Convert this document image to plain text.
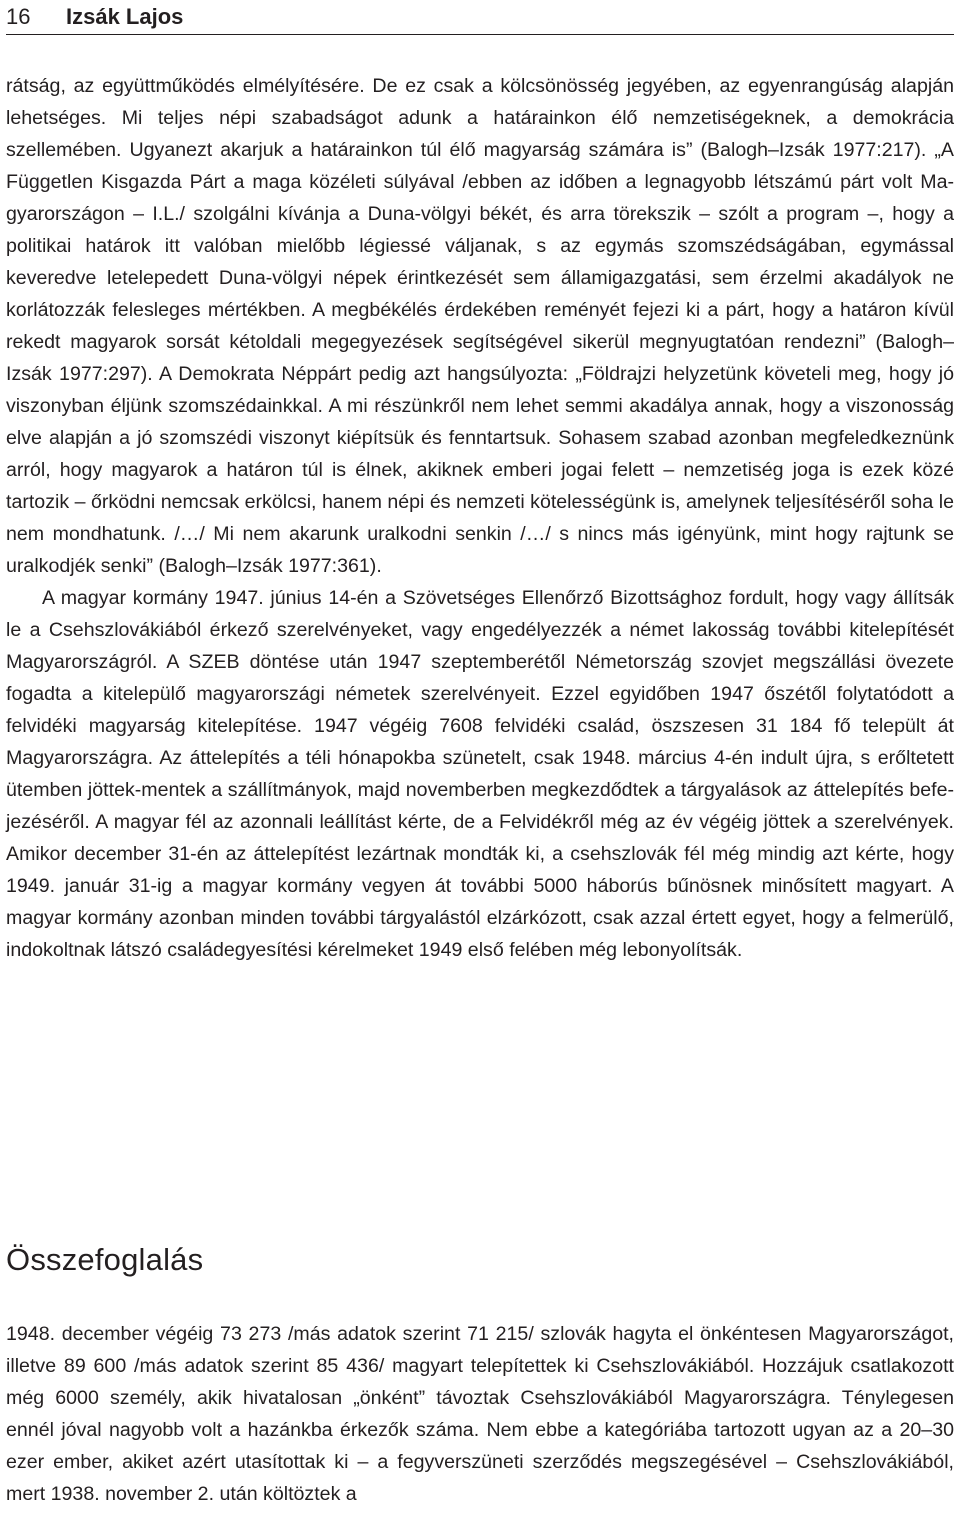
16	Izsák Lajos

rátság, az együttműködés elmélyítésére. De ez csak a kölcsönösség jegyében, az egyenrangúság alapján lehetséges. Mi teljes népi szabadságot adunk a határainkon élő nemzetiségeknek, a demokrácia szellemében. Ugyanezt akarjuk a határainkon túl élő magyarság számára is” (Balogh–Izsák 1977:217). „A Független Kisgazda Párt a maga közéleti súlyával /ebben az időben a legnagyobb létszámú párt volt Magyarországon – I.L./ szolgálni kívánja a Duna-völgyi békét, és arra törekszik – szólt a program –, hogy a politikai határok itt valóban mielőbb légiessé váljanak, s az egymás szomszédságában, egymással keveredve letelepedett Duna-völgyi népek érintkezését sem államigazgatási, sem érzelmi akadályok ne korlátozzák felesleges mértékben. A megbékélés érdekében reményét fejezi ki a párt, hogy a határon kívül rekedt magyarok sorsát kétoldali megegyezések segítségével sikerül megnyugtatóan rendezni” (Balogh–Izsák 1977:297). A Demokrata Néppárt pedig azt hangsúlyozta: „Földrajzi helyzetünk követeli meg, hogy jó viszonyban éljünk szomszédainkkal. A mi részünkről nem lehet semmi akadálya annak, hogy a viszonosság elve alapján a jó szomszédi viszonyt kiépítsük és fenntartsuk. Sohasem szabad azonban megfeledkeznünk arról, hogy magyarok a határon túl is élnek, akiknek emberi jogai felett – nemzetiség joga is ezek közé tartozik – őrködni nemcsak erkölcsi, hanem népi és nemzeti kötelességünk is, amelynek teljesítéséről soha le nem mondhatunk. /…/ Mi nem akarunk uralkodni senkin /…/ s nincs más igényünk, mint hogy rajtunk se uralkodjék senki” (Balogh–Izsák 1977:361).

A magyar kormány 1947. június 14-én a Szövetséges Ellenőrző Bizottsághoz fordult, hogy vagy állítsák le a Csehszlovákiából érkező szerelvényeket, vagy engedélyezzék a német lakosság további kitelepítését Magyarországról. A SZEB döntése után 1947 szeptemberétől Németország szovjet megszállási övezete fogadta a kitelepülő magyarországi németek szerelvényeit. Ezzel egyidőben 1947 őszétől folytatódott a felvidéki magyarság kitelepítése. 1947 végéig 7608 felvidéki család, öszszesen 31 184 fő települt át Magyarországra. Az áttelepítés a téli hónapokba szünetelt, csak 1948. március 4-én indult újra, s erőltetett ütemben jöttek-mentek a szállítmányok, majd novemberben megkezdődtek a tárgyalások az áttelepítés befejezéséről. A magyar fél az azonnali leállítást kérte, de a Felvidékről még az év végéig jöttek a szerelvények. Amikor december 31-én az áttelepítést lezártnak mondták ki, a csehszlovák fél még mindig azt kérte, hogy 1949. január 31-ig a magyar kormány vegyen át további 5000 háborús bűnösnek minősített magyart. A magyar kormány azonban minden további tárgyalástól elzárkózott, csak azzal értett egyet, hogy a felmerülő, indokoltnak látszó családegyesítési kérelmeket 1949 első felében még lebonyolítsák.

Összefoglalás

1948. december végéig 73 273 /más adatok szerint 71 215/ szlovák hagyta el önkéntesen Magyarországot, illetve 89 600 /más adatok szerint 85 436/ magyart telepítettek ki Csehszlovákiából. Hozzájuk csatlakozott még 6000 személy, akik hivatalosan „önként” távoztak Csehszlovákiából Magyarországra. Ténylegesen ennél jóval nagyobb volt a hazánkba érkezők száma. Nem ebbe a kategóriába tartozott ugyan az a 20–30 ezer ember, akiket azért utasítottak ki – a fegyverszüneti szerződés megszegésével – Csehszlovákiából, mert 1938. november 2. után költöztek a
